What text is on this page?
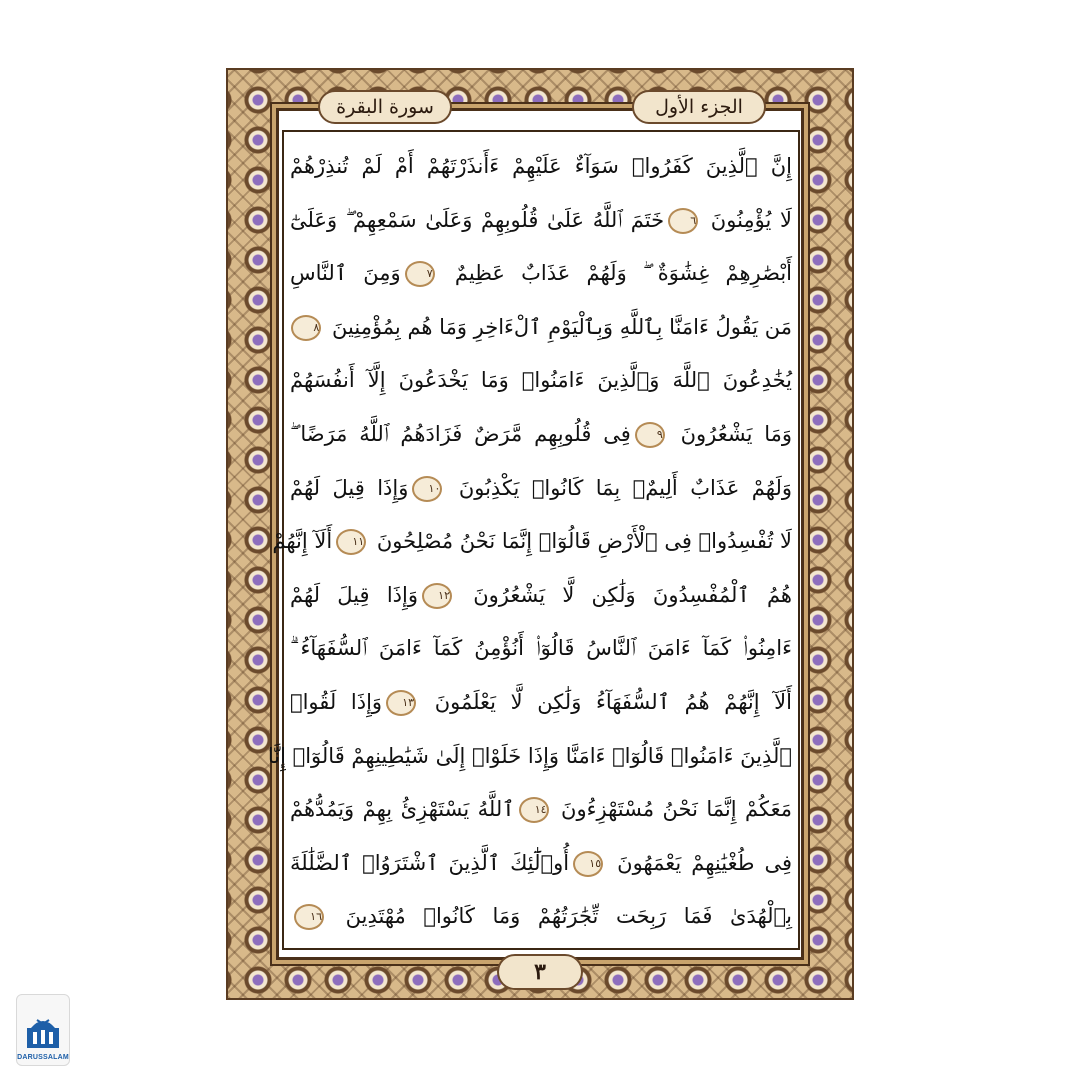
الجزء الأول
سورة البقرة
إِنَّ ٱلَّذِينَ كَفَرُوا۟ سَوَآءٌ عَلَيْهِمْ ءَأَنذَرْتَهُمْ أَمْ لَمْ تُنذِرْهُمْ
لَا يُؤْمِنُونَ ٦خَتَمَ ٱللَّهُ عَلَىٰ قُلُوبِهِمْ وَعَلَىٰ سَمْعِهِمْ ۖ وَعَلَىٰٓ
أَبْصَٰرِهِمْ غِشَٰوَةٌ ۖ وَلَهُمْ عَذَابٌ عَظِيمٌ ٧وَمِنَ ٱلنَّاسِ
مَن يَقُولُ ءَامَنَّا بِٱللَّهِ وَبِٱلْيَوْمِ ٱلْءَاخِرِ وَمَا هُم بِمُؤْمِنِينَ ٨
يُخَٰدِعُونَ ٱللَّهَ وَٱلَّذِينَ ءَامَنُوا۟ وَمَا يَخْدَعُونَ إِلَّآ أَنفُسَهُمْ
وَمَا يَشْعُرُونَ ٩فِى قُلُوبِهِم مَّرَضٌ فَزَادَهُمُ ٱللَّهُ مَرَضًا ۖ
وَلَهُمْ عَذَابٌ أَلِيمٌۢ بِمَا كَانُوا۟ يَكْذِبُونَ ١٠وَإِذَا قِيلَ لَهُمْ
لَا تُفْسِدُوا۟ فِى ٱلْأَرْضِ قَالُوٓا۟ إِنَّمَا نَحْنُ مُصْلِحُونَ ١١أَلَآ إِنَّهُمْ
هُمُ ٱلْمُفْسِدُونَ وَلَٰكِن لَّا يَشْعُرُونَ ١٢وَإِذَا قِيلَ لَهُمْ
ءَامِنُوا۟ كَمَآ ءَامَنَ ٱلنَّاسُ قَالُوٓا۟ أَنُؤْمِنُ كَمَآ ءَامَنَ ٱلسُّفَهَآءُ ۗ
أَلَآ إِنَّهُمْ هُمُ ٱلسُّفَهَآءُ وَلَٰكِن لَّا يَعْلَمُونَ ١٣وَإِذَا لَقُوا۟
ٱلَّذِينَ ءَامَنُوا۟ قَالُوٓا۟ ءَامَنَّا وَإِذَا خَلَوْا۟ إِلَىٰ شَيَٰطِينِهِمْ قَالُوٓا۟ إِنَّا
مَعَكُمْ إِنَّمَا نَحْنُ مُسْتَهْزِءُونَ ١٤ٱللَّهُ يَسْتَهْزِئُ بِهِمْ وَيَمُدُّهُمْ
فِى طُغْيَٰنِهِمْ يَعْمَهُونَ ١٥أُو۟لَٰٓئِكَ ٱلَّذِينَ ٱشْتَرَوُا۟ ٱلضَّلَٰلَةَ
بِٱلْهُدَىٰ فَمَا رَبِحَت تِّجَٰرَتُهُمْ وَمَا كَانُوا۟ مُهْتَدِينَ ١٦
٣
DARUSSALAM
